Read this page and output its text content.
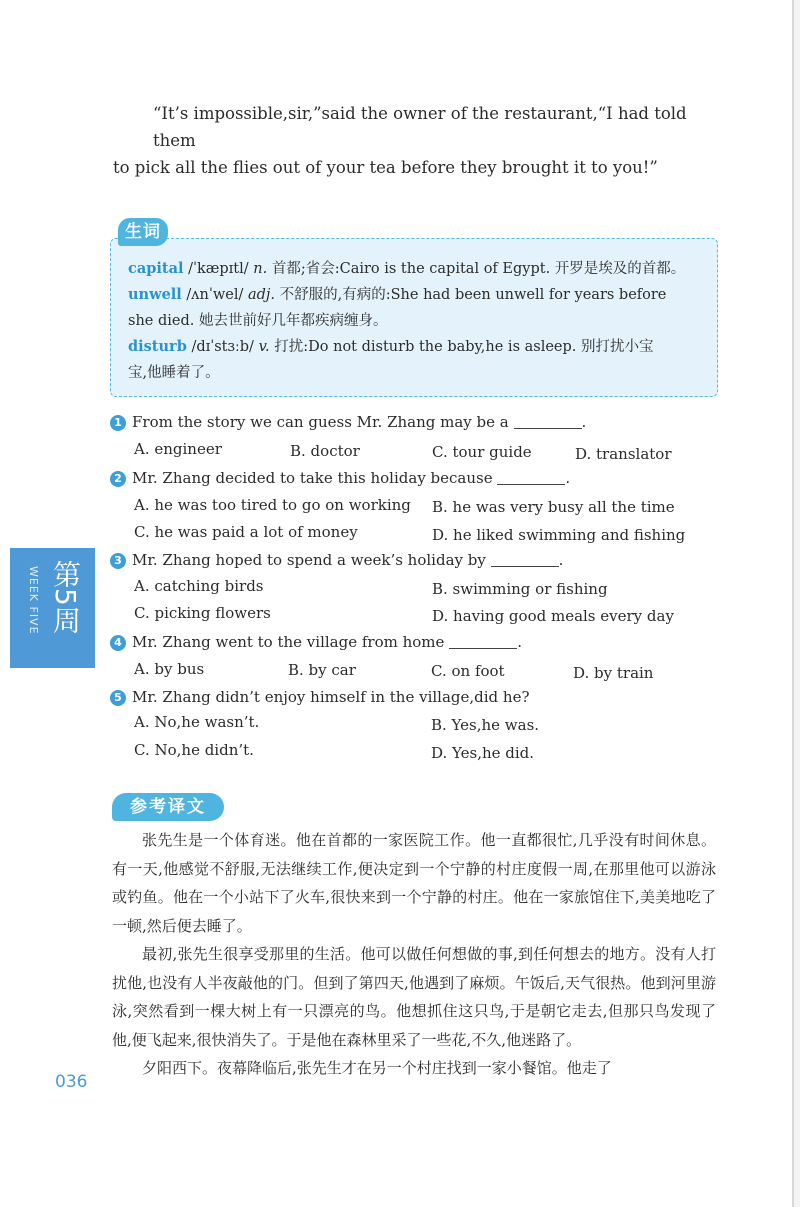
“It’s impossible,sir,”said the owner of the restaurant,“I had told them

to pick all the flies out of your tea before they brought it to you!”

生词

capital /ˈkæpɪtl/ n. 首都;省会:Cairo is the capital of Egypt. 开罗是埃及的首都。

unwell /ʌnˈwel/ adj. 不舒服的,有病的:She had been unwell for years before

she died. 她去世前好几年都疾病缠身。

disturb /dɪˈstɜːb/ v. 打扰:Do not disturb the baby,he is asleep. 别打扰小宝

宝,他睡着了。

1 From the story we can guess Mr. Zhang may be a	.
A. engineer	B. doctor	C. tour guide	D. translator
2 Mr. Zhang decided to take this holiday because	.
A. he was too tired to go on working B. he was very busy all the time
C. he was paid a lot of money	D. he liked swimming and fishing
3 Mr. Zhang hoped to spend a week’s holiday by	.
A. catching birds	B. swimming or fishing
C. picking flowers	D. having good meals every day
4 Mr. Zhang went to the village from home	.
A. by bus	B. by car	C. on foot	D. by train
5 Mr. Zhang didn’t enjoy himself in the village,did he?
A. No,he wasn’t.	B. Yes,he was.
C. No,he didn’t.	D. Yes,he did.
第5周
WEEK FIVE
参考译文

张先生是一个体育迷。他在首都的一家医院工作。他一直都很忙,几乎没有时间休息。有一天,他感觉不舒服,无法继续工作,便决定到一个宁静的村庄度假一周,在那里他可以游泳或钓鱼。他在一个小站下了火车,很快来到一个宁静的村庄。他在一家旅馆住下,美美地吃了一顿,然后便去睡了。

最初,张先生很享受那里的生活。他可以做任何想做的事,到任何想去的地方。没有人打扰他,也没有人半夜敲他的门。但到了第四天,他遇到了麻烦。午饭后,天气很热。他到河里游泳,突然看到一棵大树上有一只漂亮的鸟。他想抓住这只鸟,于是朝它走去,但那只鸟发现了他,便飞起来,很快消失了。于是他在森林里采了一些花,不久,他迷路了。

夕阳西下。夜幕降临后,张先生才在另一个村庄找到一家小餐馆。他走了

036
